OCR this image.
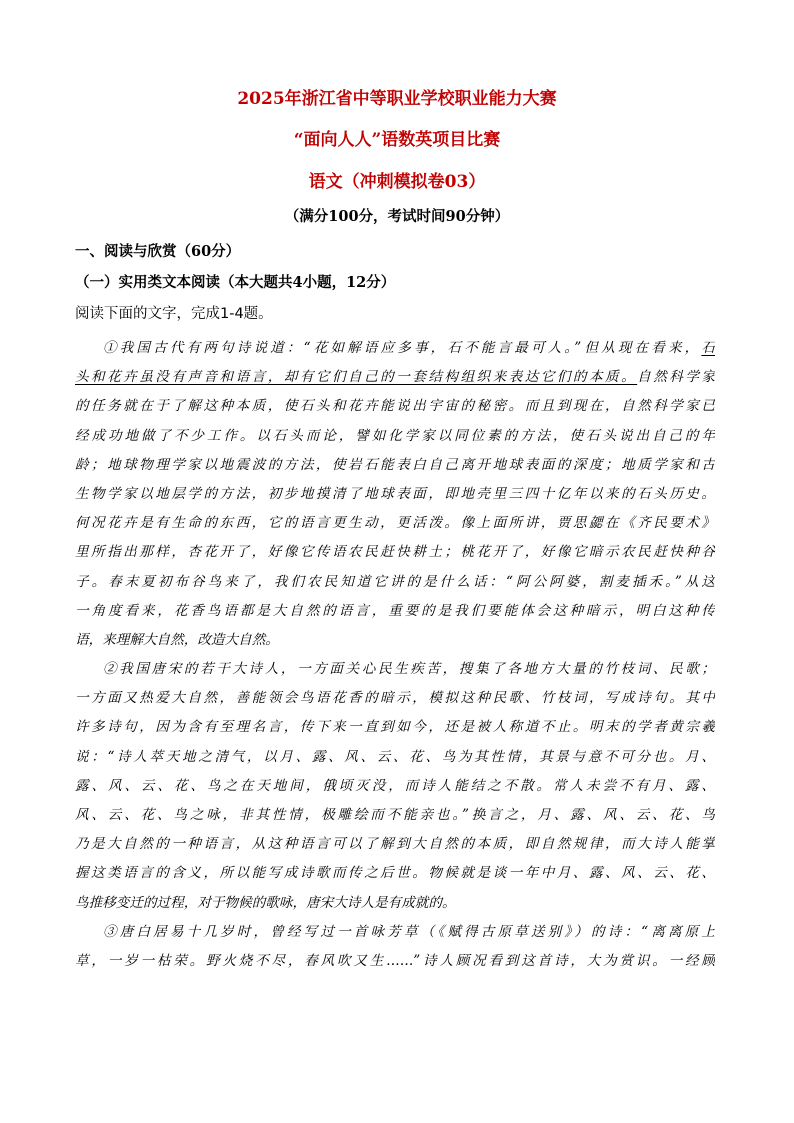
2025年浙江省中等职业学校职业能力大赛
“面向人人”语数英项目比赛
语文（冲刺模拟卷03）
（满分100分，考试时间90分钟）
一、阅读与欣赏（60分）
（一）实用类文本阅读（本大题共4小题，12分）
阅读下面的文字，完成1-4题。
①我国古代有两句诗说道：“花如解语应多事，石不能言最可人。”但从现在看来，石
头和花卉虽没有声音和语言，却有它们自己的一套结构组织来表达它们的本质。自然科学家
的任务就在于了解这种本质，使石头和花卉能说出宇宙的秘密。而且到现在，自然科学家已
经成功地做了不少工作。以石头而论，譬如化学家以同位素的方法，使石头说出自己的年
龄；地球物理学家以地震波的方法，使岩石能表白自己离开地球表面的深度；地质学家和古
生物学家以地层学的方法，初步地摸清了地球表面，即地壳里三四十亿年以来的石头历史。
何况花卉是有生命的东西，它的语言更生动，更活泼。像上面所讲，贾思勰在《齐民要术》
里所指出那样，杏花开了，好像它传语农民赶快耕土；桃花开了，好像它暗示农民赶快种谷
子。春末夏初布谷鸟来了，我们农民知道它讲的是什么话：“阿公阿婆，割麦插禾。”从这
一角度看来，花香鸟语都是大自然的语言，重要的是我们要能体会这种暗示，明白这种传
语，来理解大自然，改造大自然。
②我国唐宋的若干大诗人，一方面关心民生疾苦，搜集了各地方大量的竹枝词、民歌；
一方面又热爱大自然，善能领会鸟语花香的暗示，模拟这种民歌、竹枝词，写成诗句。其中
许多诗句，因为含有至理名言，传下来一直到如今，还是被人称道不止。明末的学者黄宗羲
说：“诗人萃天地之清气，以月、露、风、云、花、鸟为其性情，其景与意不可分也。月、
露、风、云、花、鸟之在天地间，俄顷灭没，而诗人能结之不散。常人未尝不有月、露、
风、云、花、鸟之咏，非其性情，极雕绘而不能亲也。”换言之，月、露、风、云、花、鸟
乃是大自然的一种语言，从这种语言可以了解到大自然的本质，即自然规律，而大诗人能掌
握这类语言的含义，所以能写成诗歌而传之后世。物候就是谈一年中月、露、风、云、花、
鸟推移变迁的过程，对于物候的歌咏，唐宋大诗人是有成就的。
③唐白居易十几岁时，曾经写过一首咏芳草（《赋得古原草送别》）的诗：“离离原上
草，一岁一枯荣。野火烧不尽，春风吹又生……”诗人顾况看到这首诗，大为赏识。一经顾
